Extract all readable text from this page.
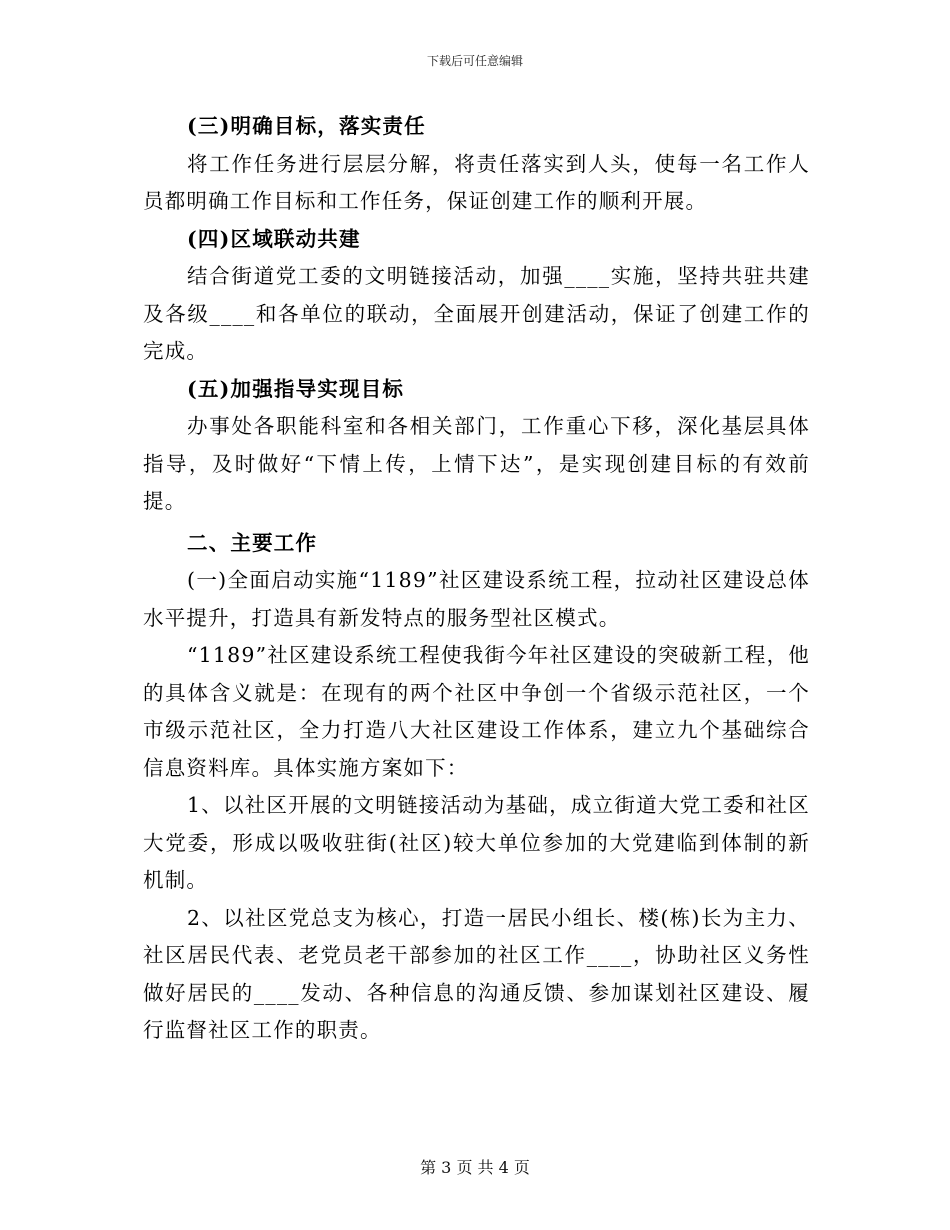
下载后可任意编辑

(三)明确目标，落实责任

将工作任务进行层层分解，将责任落实到人头，使每一名工作人员都明确工作目标和工作任务，保证创建工作的顺利开展。

(四)区域联动共建

结合街道党工委的文明链接活动，加强____实施，坚持共驻共建及各级____和各单位的联动，全面展开创建活动，保证了创建工作的完成。

(五)加强指导实现目标

办事处各职能科室和各相关部门，工作重心下移，深化基层具体指导，及时做好“下情上传，上情下达”，是实现创建目标的有效前提。

二、主要工作

(一)全面启动实施“1189”社区建设系统工程，拉动社区建设总体水平提升，打造具有新发特点的服务型社区模式。

“1189”社区建设系统工程使我街今年社区建设的突破新工程，他的具体含义就是：在现有的两个社区中争创一个省级示范社区，一个市级示范社区，全力打造八大社区建设工作体系，建立九个基础综合信息资料库。具体实施方案如下：

1、以社区开展的文明链接活动为基础，成立街道大党工委和社区大党委，形成以吸收驻街(社区)较大单位参加的大党建临到体制的新机制。

2、以社区党总支为核心，打造一居民小组长、楼(栋)长为主力、社区居民代表、老党员老干部参加的社区工作____，协助社区义务性做好居民的____发动、各种信息的沟通反馈、参加谋划社区建设、履行监督社区工作的职责。

第 3 页 共 4 页
